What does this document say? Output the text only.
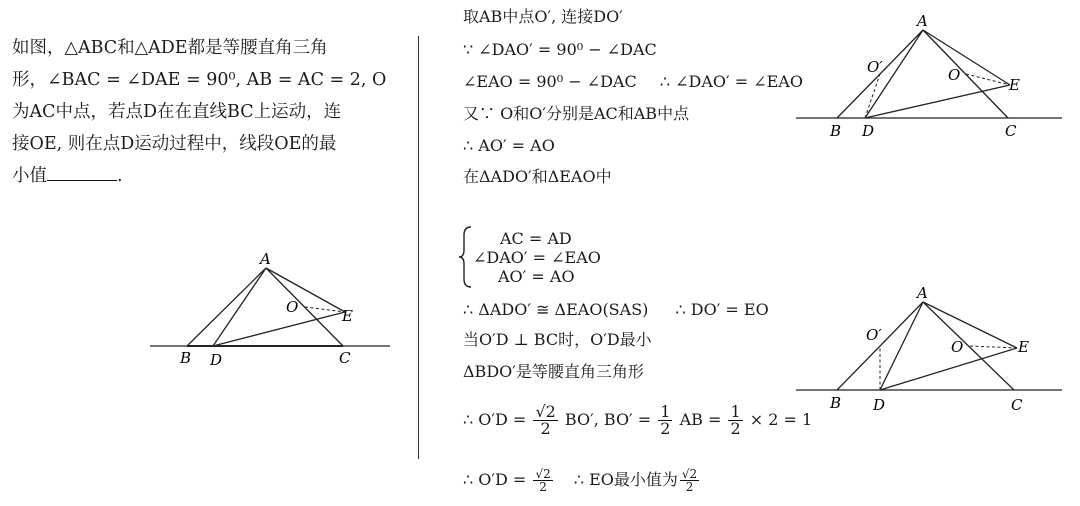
如图，△ABC和△ADE都是等腰直角三角

形，∠BAC = ∠DAE = 90⁰, AB = AC = 2, O

为AC中点，若点D在在直线BC上运动，连

接OE, 则在点D运动过程中，线段OE的最

小值	.

A
B	C
D
E
O
取AB中点O′, 连接DO′
∵ ∠DAO′ = 90⁰ − ∠DAC
∠EAO = 90⁰ − ∠DAC ∴ ∠DAO′ = ∠EAO
又∵ O和O′分别是AC和AB中点
∴ AO′ = AO
在ΔADO′和ΔEAO中
AC = AD
∠DAO′ = ∠EAO
AO′ = AO
∴ ΔADO′ ≅ ΔEAO(SAS) ∴ DO′ = EO
当O′D ⊥ BC时，O′D最小
ΔBDO′是等腰直角三角形
∴ $O'D = \frac{√2}{2} BO'$, $BO' = \frac{1}{2}$ AB = $\frac{1}{2} \times 2 = 1$
∴ $O'D = \frac{√2}{2}$ ∴ EO最小值为 $\frac{√2}{2}$
A
B	C
D
E
O
O′
A
B	C
D
E
O
O′
